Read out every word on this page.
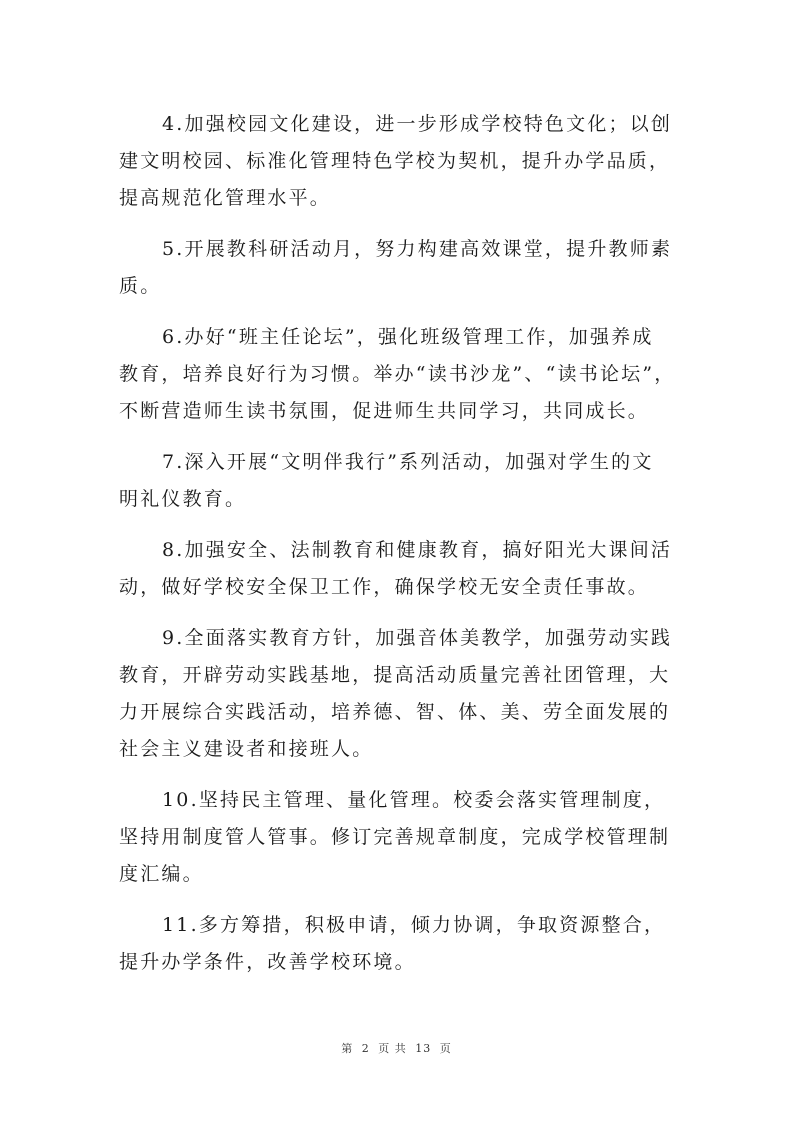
4.加强校园文化建设，进一步形成学校特色文化；以创
建文明校园、标准化管理特色学校为契机，提升办学品质，
提高规范化管理水平。

5.开展教科研活动月，努力构建高效课堂，提升教师素
质。

6.办好“班主任论坛”，强化班级管理工作，加强养成
教育，培养良好行为习惯。举办“读书沙龙”、“读书论坛”，
不断营造师生读书氛围，促进师生共同学习，共同成长。

7.深入开展“文明伴我行”系列活动，加强对学生的文
明礼仪教育。

8.加强安全、法制教育和健康教育，搞好阳光大课间活
动，做好学校安全保卫工作，确保学校无安全责任事故。

9.全面落实教育方针，加强音体美教学，加强劳动实践
教育，开辟劳动实践基地，提高活动质量完善社团管理，大
力开展综合实践活动，培养德、智、体、美、劳全面发展的
社会主义建设者和接班人。

10.坚持民主管理、量化管理。校委会落实管理制度，
坚持用制度管人管事。修订完善规章制度，完成学校管理制
度汇编。

11.多方筹措，积极申请，倾力协调，争取资源整合，
提升办学条件，改善学校环境。

第 2 页 共 13 页
